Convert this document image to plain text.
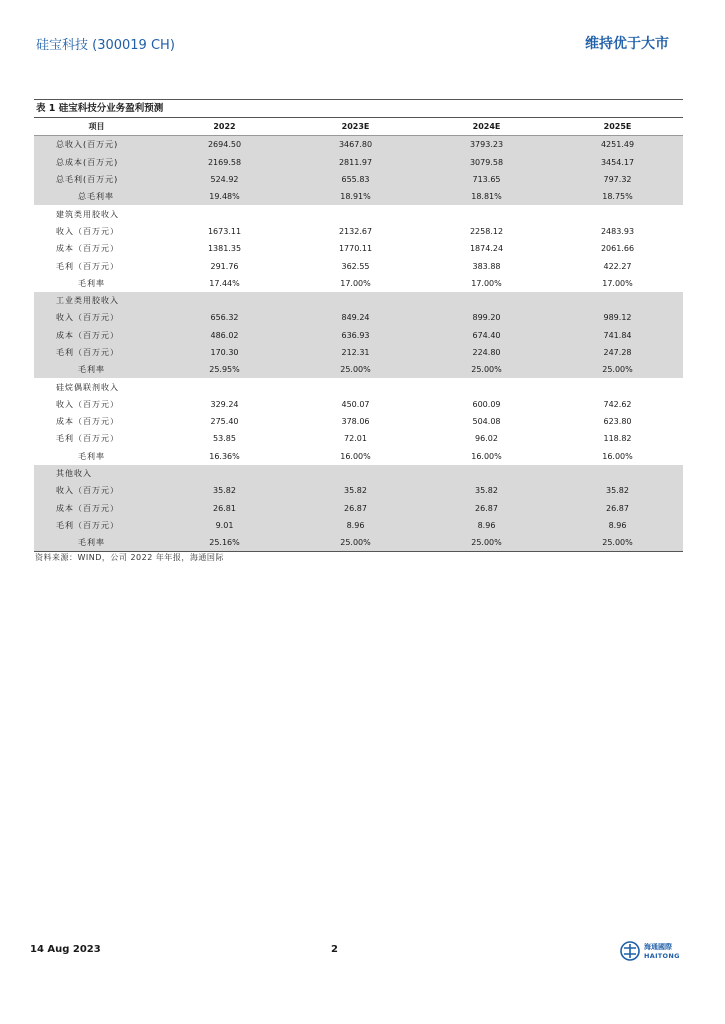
硅宝科技 (300019 CH)	维持优于大市
表 1 硅宝科技分业务盈利预测
项目	2022	2023E	2024E	2025E
总收入(百万元)	2694.50	3467.80	3793.23	4251.49
总成本(百万元)	2169.58	2811.97	3079.58	3454.17
总毛利(百万元)	524.92	655.83	713.65	797.32
总毛利率	19.48%	18.91%	18.81%	18.75%
建筑类用胶收入				
收入（百万元）	1673.11	2132.67	2258.12	2483.93
成本（百万元）	1381.35	1770.11	1874.24	2061.66
毛利（百万元）	291.76	362.55	383.88	422.27
毛利率	17.44%	17.00%	17.00%	17.00%
工业类用胶收入				
收入（百万元）	656.32	849.24	899.20	989.12
成本（百万元）	486.02	636.93	674.40	741.84
毛利（百万元）	170.30	212.31	224.80	247.28
毛利率	25.95%	25.00%	25.00%	25.00%
硅烷偶联剂收入				
收入（百万元）	329.24	450.07	600.09	742.62
成本（百万元）	275.40	378.06	504.08	623.80
毛利（百万元）	53.85	72.01	96.02	118.82
毛利率	16.36%	16.00%	16.00%	16.00%
其他收入				
收入（百万元）	35.82	35.82	35.82	35.82
成本（百万元）	26.81	26.87	26.87	26.87
毛利（百万元）	9.01	8.96	8.96	8.96
毛利率	25.16%	25.00%	25.00%	25.00%
资料来源：WIND，公司 2022 年年报，海通国际
14 Aug 2023	2	海通國際
HAITONG
